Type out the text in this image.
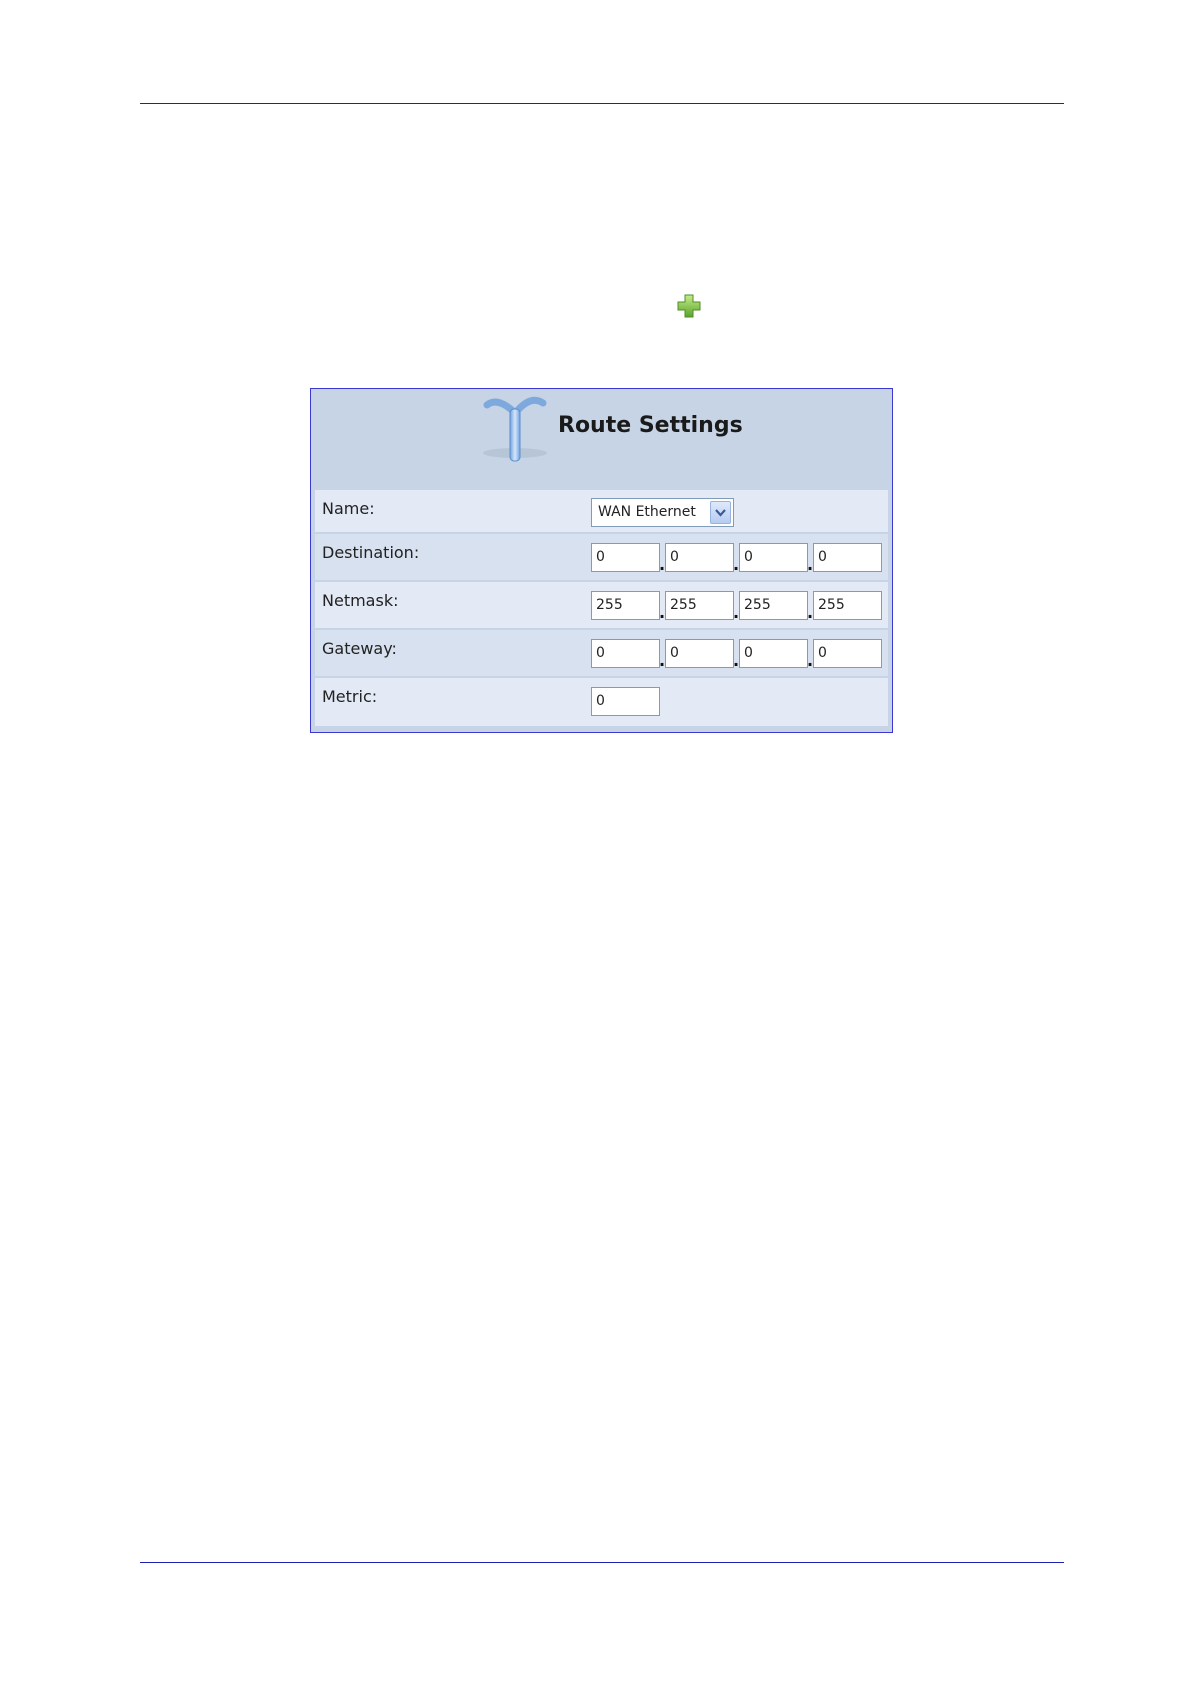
Route Settings
Name:	WAN Ethernet
Destination:	0	. 0	. 0	. 0
Netmask:	255	. 255	. 255	. 255
Gateway:	0	. 0	. 0	. 0
Metric:	0
